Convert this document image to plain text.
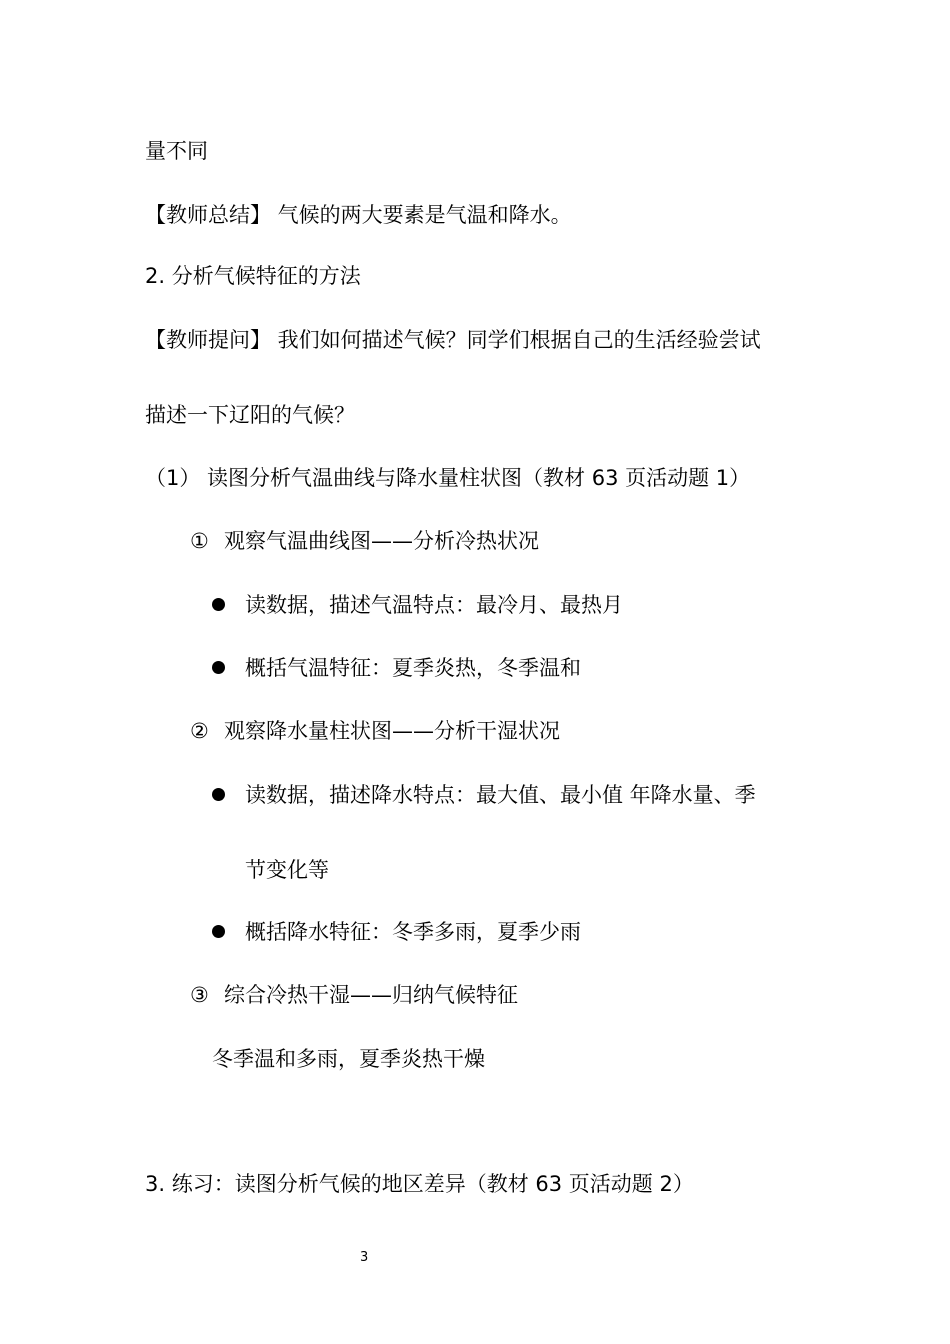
量不同
【教师总结】 气候的两大要素是气温和降水。
2. 分析气候特征的方法
【教师提问】 我们如何描述气候？同学们根据自己的生活经验尝试
描述一下辽阳的气候？
（1） 读图分析气温曲线与降水量柱状图（教材 63 页活动题 1）
① 观察气温曲线图——分析冷热状况
读数据，描述气温特点：最冷月、最热月
概括气温特征：夏季炎热，冬季温和
② 观察降水量柱状图——分析干湿状况
读数据，描述降水特点：最大值、最小值 年降水量、季
节变化等
概括降水特征：冬季多雨，夏季少雨
③ 综合冷热干湿——归纳气候特征
冬季温和多雨，夏季炎热干燥
3. 练习：读图分析气候的地区差异（教材 63 页活动题 2）
3
